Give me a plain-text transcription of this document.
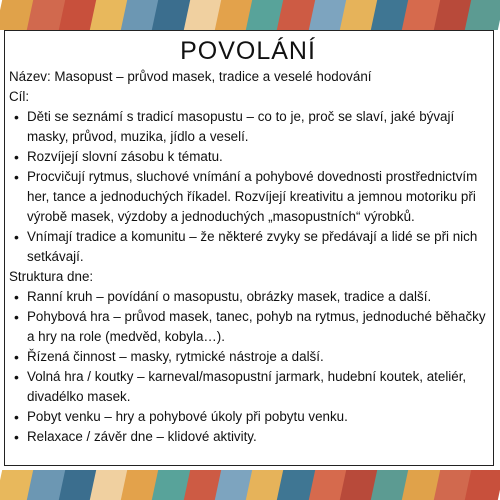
POVOLÁNÍ

Název: Masopust – průvod masek, tradice a veselé hodování

Cíl:

• Děti se seznámí s tradicí masopustu – co to je, proč se slaví, jaké bývají masky, průvod, muzika, jídlo a veselí.
• Rozvíjejí slovní zásobu k tématu.
• Procvičují rytmus, sluchové vnímání a pohybové dovednosti prostřednictvím her, tance a jednoduchých říkadel. Rozvíjejí kreativitu a jemnou motoriku při výrobě masek, výzdoby a jednoduchých „masopustních“ výrobků.
• Vnímají tradice a komunitu – že některé zvyky se předávají a lidé se při nich setkávají.

Struktura dne:

• Ranní kruh – povídání o masopustu, obrázky masek, tradice a další.
• Pohybová hra – průvod masek, tanec, pohyb na rytmus, jednoduché běhačky a hry na role (medvěd, kobyla…).
• Řízená činnost – masky, rytmické nástroje a další.
• Volná hra / koutky – karneval/masopustní jarmark, hudební koutek, ateliér, divadélko masek.
• Pobyt venku – hry a pohybové úkoly při pobytu venku.
• Relaxace / závěr dne – klidové aktivity.
